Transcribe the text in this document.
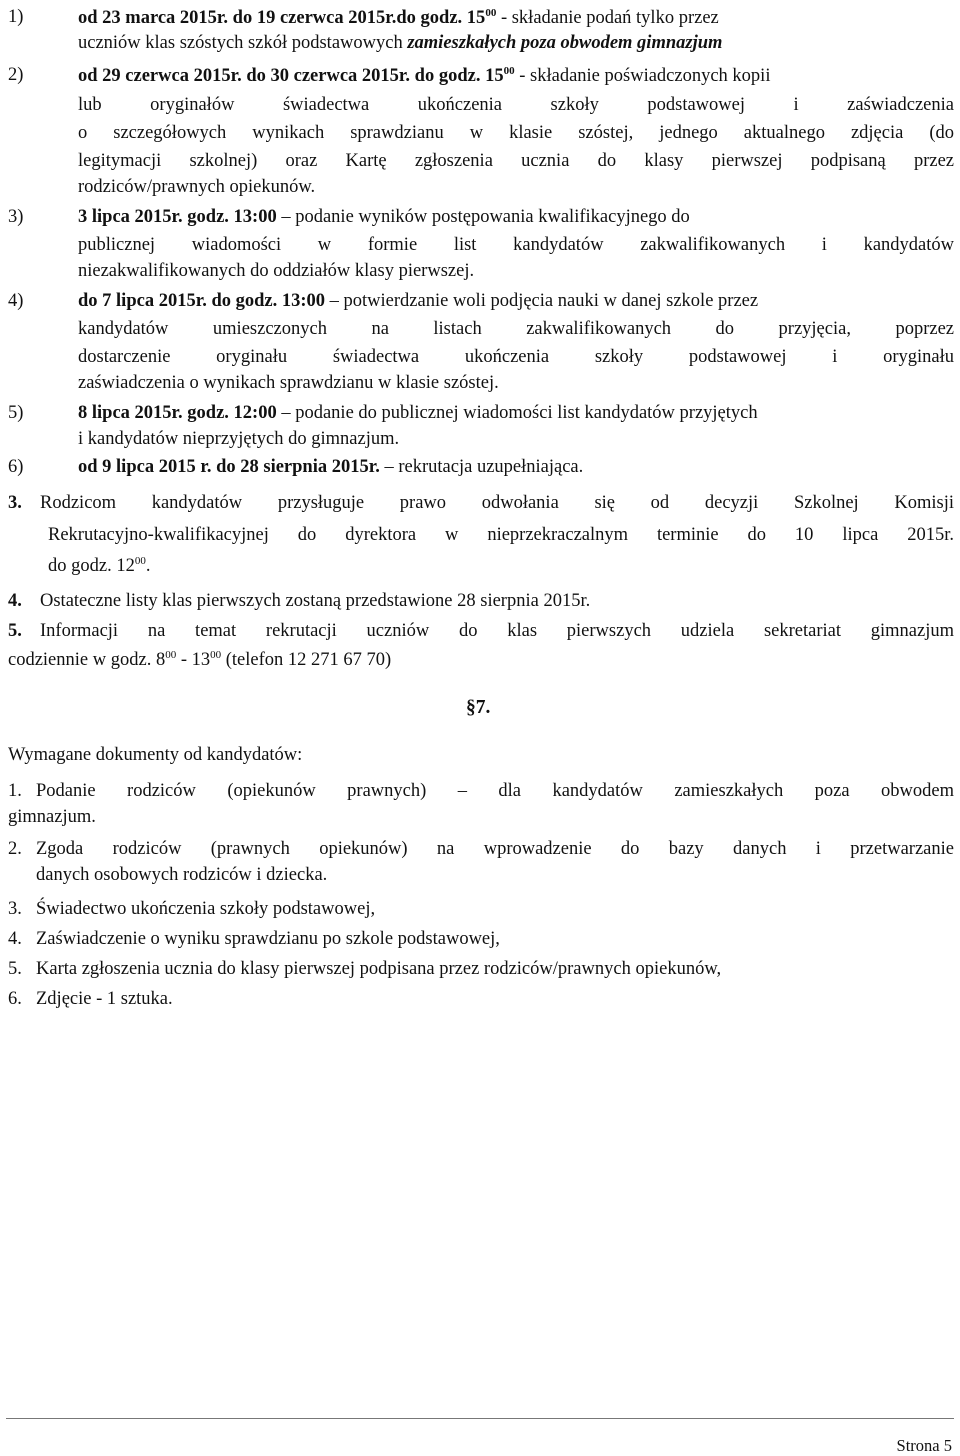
1)	od 23 marca 2015r. do 19 czerwca 2015r.do godz. $15^{00}$ - składanie podań tylko przez
uczniów klas szóstych szkół podstawowych zamieszkałych poza obwodem gimnazjum
2)	od 29 czerwca 2015r. do 30 czerwca 2015r. do godz. $15^{00}$ - składanie poświadczonych kopii
lub oryginałów świadectwa ukończenia szkoły podstawowej i zaświadczenia
o szczegółowych wynikach sprawdzianu w klasie szóstej, jednego aktualnego zdjęcia (do
legitymacji szkolnej) oraz Kartę zgłoszenia ucznia do klasy pierwszej podpisaną przez
rodziców/prawnych opiekunów.
3)	3 lipca 2015r. godz. 13:00 – podanie wyników postępowania kwalifikacyjnego do
publicznej wiadomości w formie list kandydatów zakwalifikowanych i kandydatów
niezakwalifikowanych do oddziałów klasy pierwszej.
4)	do 7 lipca 2015r. do godz. 13:00 – potwierdzanie woli podjęcia nauki w danej szkole przez
kandydatów umieszczonych na listach zakwalifikowanych do przyjęcia, poprzez
dostarczenie oryginału świadectwa ukończenia szkoły podstawowej i oryginału
zaświadczenia o wynikach sprawdzianu w klasie szóstej.
5)	8 lipca 2015r. godz. 12:00 – podanie do publicznej wiadomości list kandydatów przyjętych
i kandydatów nieprzyjętych do gimnazjum.
6)	od 9 lipca 2015 r. do 28 sierpnia 2015r. – rekrutacja uzupełniająca.
3. Rodzicom kandydatów przysługuje prawo odwołania się od decyzji Szkolnej Komisji
Rekrutacyjno-kwalifikacyjnej do dyrektora w nieprzekraczalnym terminie do 10 lipca 2015r.
do godz. $12^{00}$.
4. Ostateczne listy klas pierwszych zostaną przedstawione 28 sierpnia 2015r.
5. Informacji na temat rekrutacji uczniów do klas pierwszych udziela sekretariat gimnazjum
codziennie w godz. $8^{00} - 13^{00}$ (telefon 12 271 67 70)
§7.
Wymagane dokumenty od kandydatów:
1. Podanie rodziców (opiekunów prawnych) – dla kandydatów zamieszkałych poza obwodem
gimnazjum.
2. Zgoda rodziców (prawnych opiekunów) na wprowadzenie do bazy danych i przetwarzanie
danych osobowych rodziców i dziecka.
3. Świadectwo ukończenia szkoły podstawowej,
4. Zaświadczenie o wyniku sprawdzianu po szkole podstawowej,
5. Karta zgłoszenia ucznia do klasy pierwszej podpisana przez rodziców/prawnych opiekunów,
6. Zdjęcie - 1 sztuka.
Strona 5
